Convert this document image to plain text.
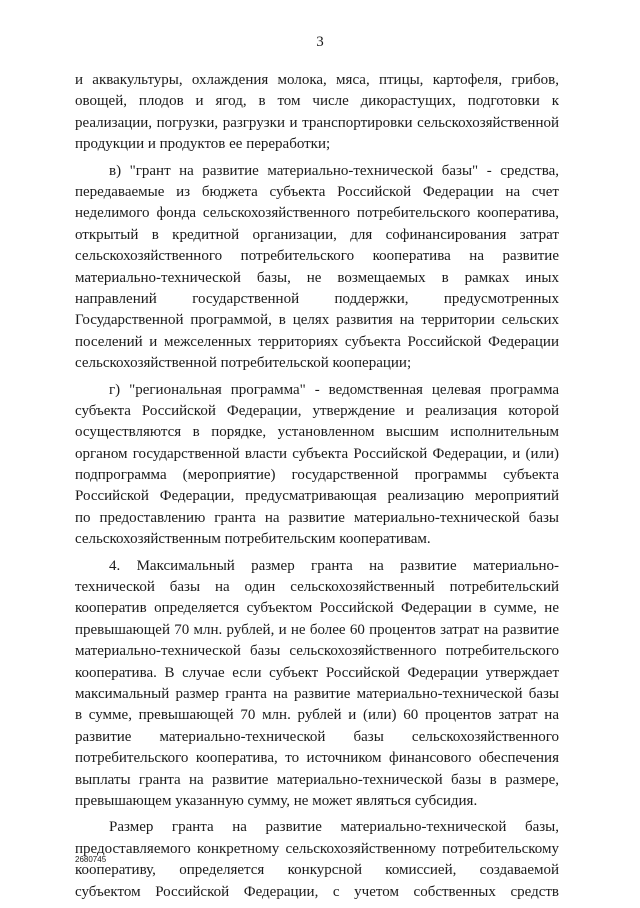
3
и аквакультуры, охлаждения молока, мяса, птицы, картофеля, грибов,
овощей, плодов и ягод, в том числе дикорастущих, подготовки к
реализации, погрузки, разгрузки и транспортировки сельскохозяйственной
продукции и продуктов ее переработки;
в) "грант на развитие материально-технической базы" - средства,
передаваемые из бюджета субъекта Российской Федерации на счет
неделимого фонда сельскохозяйственного потребительского кооператива,
открытый в кредитной организации, для софинансирования затрат
сельскохозяйственного потребительского кооператива на развитие
материально-технической базы, не возмещаемых в рамках иных
направлений государственной поддержки, предусмотренных
Государственной программой, в целях развития на территории сельских
поселений и межселенных территориях субъекта Российской Федерации
сельскохозяйственной потребительской кооперации;
г) "региональная программа" - ведомственная целевая программа
субъекта Российской Федерации, утверждение и реализация которой
осуществляются в порядке, установленном высшим исполнительным
органом государственной власти субъекта Российской Федерации, и (или)
подпрограмма (мероприятие) государственной программы субъекта
Российской Федерации, предусматривающая реализацию мероприятий
по предоставлению гранта на развитие материально-технической базы
сельскохозяйственным потребительским кооперативам.
4. Максимальный размер гранта на развитие материально-
технической базы на один сельскохозяйственный потребительский
кооператив определяется субъектом Российской Федерации в сумме, не
превышающей 70 млн. рублей, и не более 60 процентов затрат на развитие
материально-технической базы сельскохозяйственного потребительского
кооператива. В случае если субъект Российской Федерации утверждает
максимальный размер гранта на развитие материально-технической базы
в сумме, превышающей 70 млн. рублей и (или) 60 процентов затрат на
развитие материально-технической базы сельскохозяйственного
потребительского кооператива, то источником финансового обеспечения
выплаты гранта на развитие материально-технической базы в размере,
превышающем указанную сумму, не может являться субсидия.
Размер гранта на развитие материально-технической базы,
предоставляемого конкретному сельскохозяйственному потребительскому
кооперативу, определяется конкурсной комиссией, создаваемой
субъектом Российской Федерации, с учетом собственных средств
2680745
